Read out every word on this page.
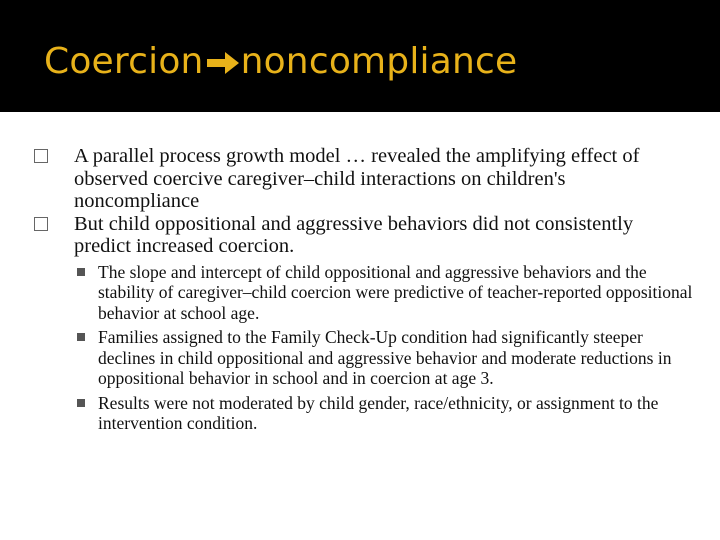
Coercion noncompliance
A parallel process growth model … revealed the amplifying effect of observed coercive caregiver–child interactions on children's noncompliance
But child oppositional and aggressive behaviors did not consistently predict increased coercion.
The slope and intercept of child oppositional and aggressive behaviors and the stability of caregiver–child coercion were predictive of teacher-reported oppositional behavior at school age.
Families assigned to the Family Check-Up condition had significantly steeper declines in child oppositional and aggressive behavior and moderate reductions in oppositional behavior in school and in coercion at age 3.
Results were not moderated by child gender, race/ethnicity, or assignment to the intervention condition.
